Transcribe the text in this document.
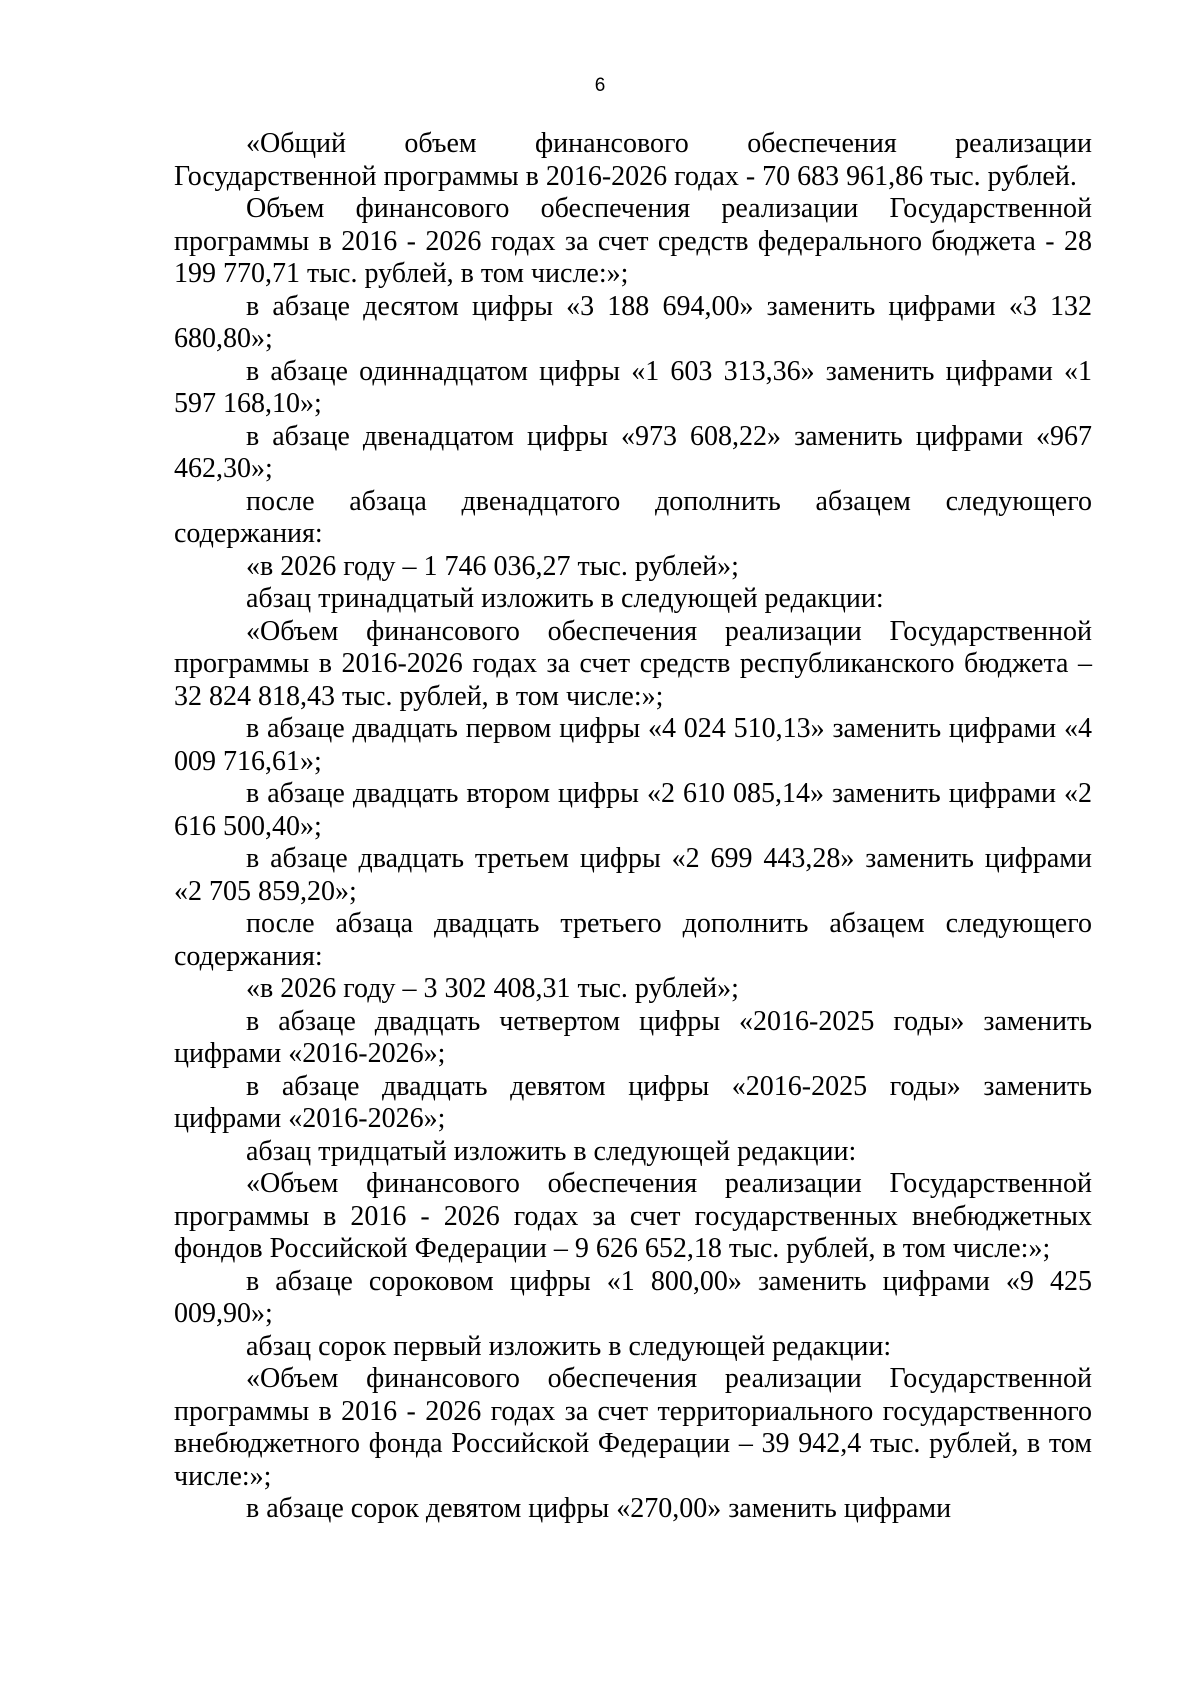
6

«Общий объем финансового обеспечения реализации Государственной программы в 2016-2026 годах - 70 683 961,86 тыс. рублей.

Объем финансового обеспечения реализации Государственной программы в 2016 - 2026 годах за счет средств федерального бюджета - 28 199 770,71 тыс. рублей, в том числе:»;

в абзаце десятом цифры «3 188 694,00» заменить цифрами «3 132 680,80»;

в абзаце одиннадцатом цифры «1 603 313,36» заменить цифрами «1 597 168,10»;

в абзаце двенадцатом цифры «973 608,22» заменить цифрами «967 462,30»;

после абзаца двенадцатого дополнить абзацем следующего содержания:

«в 2026 году – 1 746 036,27 тыс. рублей»;

абзац тринадцатый изложить в следующей редакции:

«Объем финансового обеспечения реализации Государственной программы в 2016-2026 годах за счет средств республиканского бюджета – 32 824 818,43 тыс. рублей, в том числе:»;

в абзаце двадцать первом цифры «4 024 510,13» заменить цифрами «4 009 716,61»;

в абзаце двадцать втором цифры «2 610 085,14» заменить цифрами «2 616 500,40»;

в абзаце двадцать третьем цифры «2 699 443,28» заменить цифрами «2 705 859,20»;

после абзаца двадцать третьего дополнить абзацем следующего содержания:

«в 2026 году – 3 302 408,31 тыс. рублей»;

в абзаце двадцать четвертом цифры «2016-2025 годы» заменить цифрами «2016-2026»;

в абзаце двадцать девятом цифры «2016-2025 годы» заменить цифрами «2016-2026»;

абзац тридцатый изложить в следующей редакции:

«Объем финансового обеспечения реализации Государственной программы в 2016 - 2026 годах за счет государственных внебюджетных фондов Российской Федерации – 9 626 652,18 тыс. рублей, в том числе:»;

в абзаце сороковом цифры «1 800,00» заменить цифрами «9 425 009,90»;

абзац сорок первый изложить в следующей редакции:

«Объем финансового обеспечения реализации Государственной программы в 2016 - 2026 годах за счет территориального государственного внебюджетного фонда Российской Федерации – 39 942,4 тыс. рублей, в том числе:»;

в абзаце сорок девятом цифры «270,00» заменить цифрами
